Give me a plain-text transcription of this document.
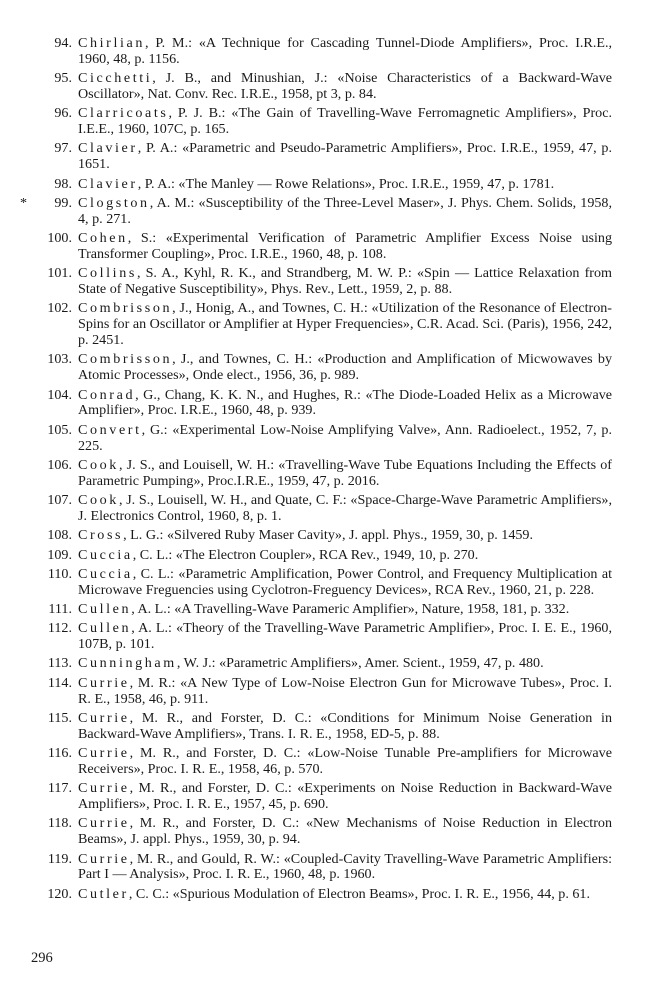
94. Chirlian, P. M.: «A Technique for Cascading Tunnel-Diode Amplifiers», Proc. I.R.E., 1960, 48, p. 1156.
95. Cicchetti, J. B., and Minushian, J.: «Noise Characteristics of a Backward-Wave Oscillator», Nat. Conv. Rec. I.R.E., 1958, pt 3, p. 84.
96. Clarricoats, P. J. B.: «The Gain of Travelling-Wave Ferromagnetic Amplifiers», Proc. I.E.E., 1960, 107C, p. 165.
97. Clavier, P. A.: «Parametric and Pseudo-Parametric Amplifiers», Proc. I.R.E., 1959, 47, p. 1651.
98. Clavier, P. A.: «The Manley — Rowe Relations», Proc. I.R.E., 1959, 47, p. 1781.
*	99. Clogston, A. M.: «Susceptibility of the Three-Level Maser», J. Phys. Chem. Solids, 1958, 4, p. 271.
100. Cohen, S.: «Experimental Verification of Parametric Amplifier Excess Noise using Transformer Coupling», Proc. I.R.E., 1960, 48, p. 108.
101. Collins, S. A., Kyhl, R. K., and Strandberg, M. W. P.: «Spin — Lattice Relaxation from State of Negative Susceptibility», Phys. Rev., Lett., 1959, 2, p. 88.
102. Combrisson, J., Honig, A., and Townes, C. H.: «Utilization of the Resonance of Electron-Spins for an Oscillator or Amplifier at Hyper Frequencies», C.R. Acad. Sci. (Paris), 1956, 242, p. 2451.
103. Combrisson, J., and Townes, C. H.: «Production and Amplification of Micwowaves by Atomic Processes», Onde elect., 1956, 36, p. 989.
104. Conrad, G., Chang, K. K. N., and Hughes, R.: «The Diode-Loaded Helix as a Microwave Amplifier», Proc. I.R.E., 1960, 48, p. 939.
105. Convert, G.: «Experimental Low-Noise Amplifying Valve», Ann. Radioelect., 1952, 7, p. 225.
106. Cook, J. S., and Louisell, W. H.: «Travelling-Wave Tube Equations Including the Effects of Parametric Pumping», Proc.I.R.E., 1959, 47, p. 2016.
107. Cook, J. S., Louisell, W. H., and Quate, C. F.: «Space-Charge-Wave Parametric Amplifiers», J. Electronics Control, 1960, 8, p. 1.
108. Cross, L. G.: «Silvered Ruby Maser Cavity», J. appl. Phys., 1959, 30, p. 1459.
109. Cuccia, C. L.: «The Electron Coupler», RCA Rev., 1949, 10, p. 270.
110. Cuccia, C. L.: «Parametric Amplification, Power Control, and Frequency Multiplication at Microwave Freguencies using Cyclotron-Freguency Devices», RCA Rev., 1960, 21, p. 228.
111. Cullen, A. L.: «A Travelling-Wave Parameric Amplifier», Nature, 1958, 181, p. 332.
112. Cullen, A. L.: «Theory of the Travelling-Wave Parametric Amplifier», Proc. I. E. E., 1960, 107B, p. 101.
113. Cunningham, W. J.: «Parametric Amplifiers», Amer. Scient., 1959, 47, p. 480.
114. Currie, M. R.: «A New Type of Low-Noise Electron Gun for Microwave Tubes», Proc. I. R. E., 1958, 46, p. 911.
115. Currie, M. R., and Forster, D. C.: «Conditions for Minimum Noise Generation in Backward-Wave Amplifiers», Trans. I. R. E., 1958, ED-5, p. 88.
116. Currie, M. R., and Forster, D. C.: «Low-Noise Tunable Pre-amplifiers for Microwave Receivers», Proc. I. R. E., 1958, 46, p. 570.
117. Currie, M. R., and Forster, D. C.: «Experiments on Noise Reduction in Backward-Wave Amplifiers», Proc. I. R. E., 1957, 45, p. 690.
118. Currie, M. R., and Forster, D. C.: «New Mechanisms of Noise Reduction in Electron Beams», J. appl. Phys., 1959, 30, p. 94.
119. Currie, M. R., and Gould, R. W.: «Coupled-Cavity Travelling-Wave Parametric Amplifiers: Part I — Analysis», Proc. I. R. E., 1960, 48, p. 1960.
120. Cutler, C. C.: «Spurious Modulation of Electron Beams», Proc. I. R. E., 1956, 44, p. 61.
296
